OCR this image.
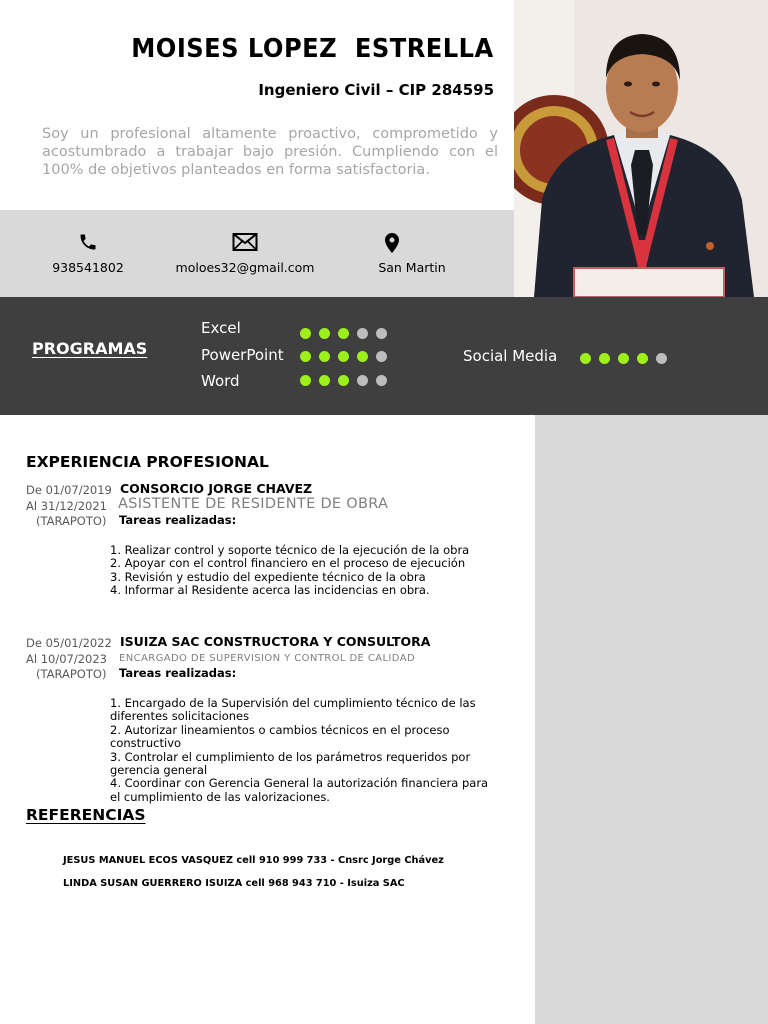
MOISES LOPEZ  ESTRELLA
Ingeniero Civil – CIP 284595
Soy un profesional altamente proactivo, comprometido y acostumbrado a trabajar bajo presión. Cumpliendo con el 100% de objetivos planteados en forma satisfactoria.
938541802	moloes32@gmail.com	San Martin
PROGRAMAS
Excel
PowerPoint
Word
Social Media
EXPERIENCIA PROFESIONAL
De 01/07/2019
Al 31/12/2021
(TARAPOTO)
CONSORCIO JORGE CHAVEZ
ASISTENTE DE RESIDENTE DE OBRA
Tareas realizadas:
1. Realizar control y soporte técnico de la ejecución de la obra
2. Apoyar con el control financiero en el proceso de ejecución
3. Revisión y estudio del expediente técnico de la obra
4. Informar al Residente acerca las incidencias en obra.
De 05/01/2022
Al 10/07/2023
(TARAPOTO)
ISUIZA SAC CONSTRUCTORA Y CONSULTORA
ENCARGADO DE SUPERVISION Y CONTROL DE CALIDAD
Tareas realizadas:
1. Encargado de la Supervisión del cumplimiento técnico de las diferentes solicitaciones
2. Autorizar lineamientos o cambios técnicos en el proceso constructivo
3. Controlar el cumplimiento de los parámetros requeridos por gerencia general
4. Coordinar con Gerencia General la autorización financiera para el cumplimiento de las valorizaciones.
REFERENCIAS
JESUS MANUEL ECOS VASQUEZ cell 910 999 733 - Cnsrc Jorge Chávez
LINDA SUSAN GUERRERO ISUIZA cell 968 943 710 - Isuiza SAC
